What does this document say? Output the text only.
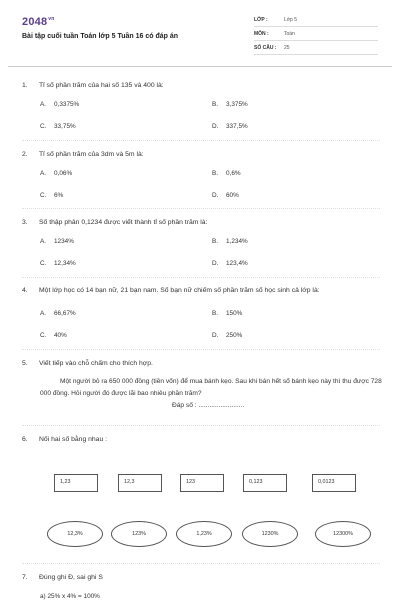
$2048^{vn}$
Bài tập cuối tuần Toán lớp 5 Tuần 16 có đáp án
LỚP :	Lớp 5
MÔN :	Toán
SỐ CÂU : 25
1. Tỉ số phần trăm của hai số 135 và 400 là:
A. 0,3375%	B. 3,375%
C. 33,75%	D. 337,5%
2. Tỉ số phần trăm của 3dm và 5m là:
A. 0,06%	B. 0,6%
C. 6%	D. 60%
3. Số thập phân 0,1234 được viết thành tỉ số phần trăm là:
A. 1234%	B. 1,234%
C. 12,34%	D. 123,4%
4. Một lớp học có 14 bạn nữ, 21 bạn nam. Số bạn nữ chiếm số phần trăm số học sinh cả lớp là:
A. 66,67%	B. 150%
C. 40%	D. 250%
5. Viết tiếp vào chỗ chấm cho thích hợp.
Một người bỏ ra 650 000 đồng (tiền vốn) để mua bánh kẹo. Sau khi bán hết số bánh kẹo này thì thu được 728 000 đồng. Hỏi người đó được lãi bao nhiêu phần trăm?
Đáp số : .........................
6. Nối hai số bằng nhau :
1,23	12,3	123	0,123	0,0123
12,3%	123%	1,23%	1230%	12300%
7. Đúng ghi Đ, sai ghi S
a) 25% x 4% = 100%
